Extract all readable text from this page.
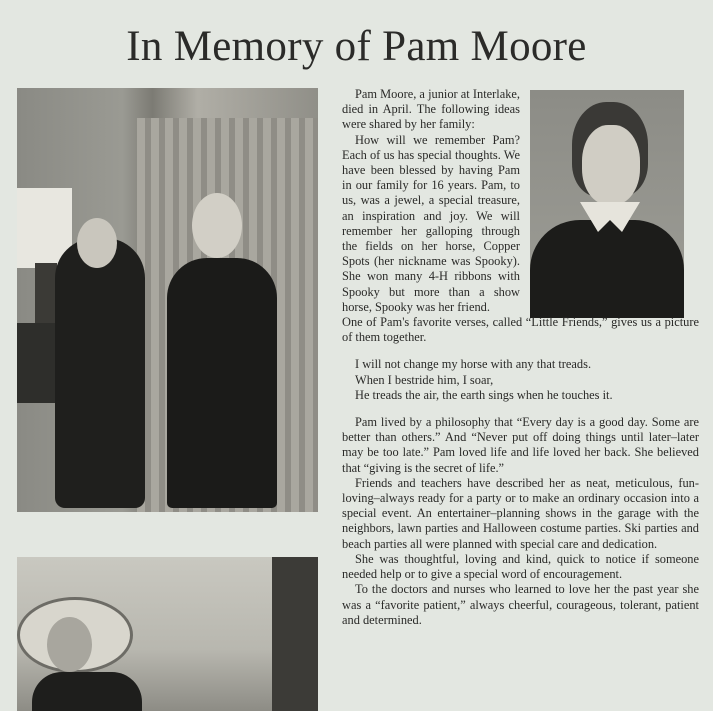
In Memory of Pam Moore

Pam Moore, a junior at Interlake, died in April. The following ideas were shared by her family:

How will we remember Pam? Each of us has special thoughts. We have been blessed by having Pam in our family for 16 years. Pam, to us, was a jewel, a special treasure, an inspiration and joy. We will remember her galloping through the fields on her horse, Copper Spots (her nickname was Spooky). She won many 4-H ribbons with Spooky but more than a show horse, Spooky was her friend.

One of Pam's favorite verses, called “Little Friends,” gives us a picture of them together.

I will not change my horse with any that treads.
When I bestride him, I soar,
He treads the air, the earth sings when he touches it.

Pam lived by a philosophy that “Every day is a good day. Some are better than others.” And “Never put off doing things until later–later may be too late.” Pam loved life and life loved her back. She believed that “giving is the secret of life.”

Friends and teachers have described her as neat, meticulous, fun-loving–always ready for a party or to make an ordinary occasion into a special event. An entertainer–planning shows in the garage with the neighbors, lawn parties and Halloween costume parties. Ski parties and beach parties all were planned with special care and dedication.

She was thoughtful, loving and kind, quick to notice if someone needed help or to give a special word of encouragement.

To the doctors and nurses who learned to love her the past year she was a “favorite patient,” always cheerful, courageous, tolerant, patient and determined.
